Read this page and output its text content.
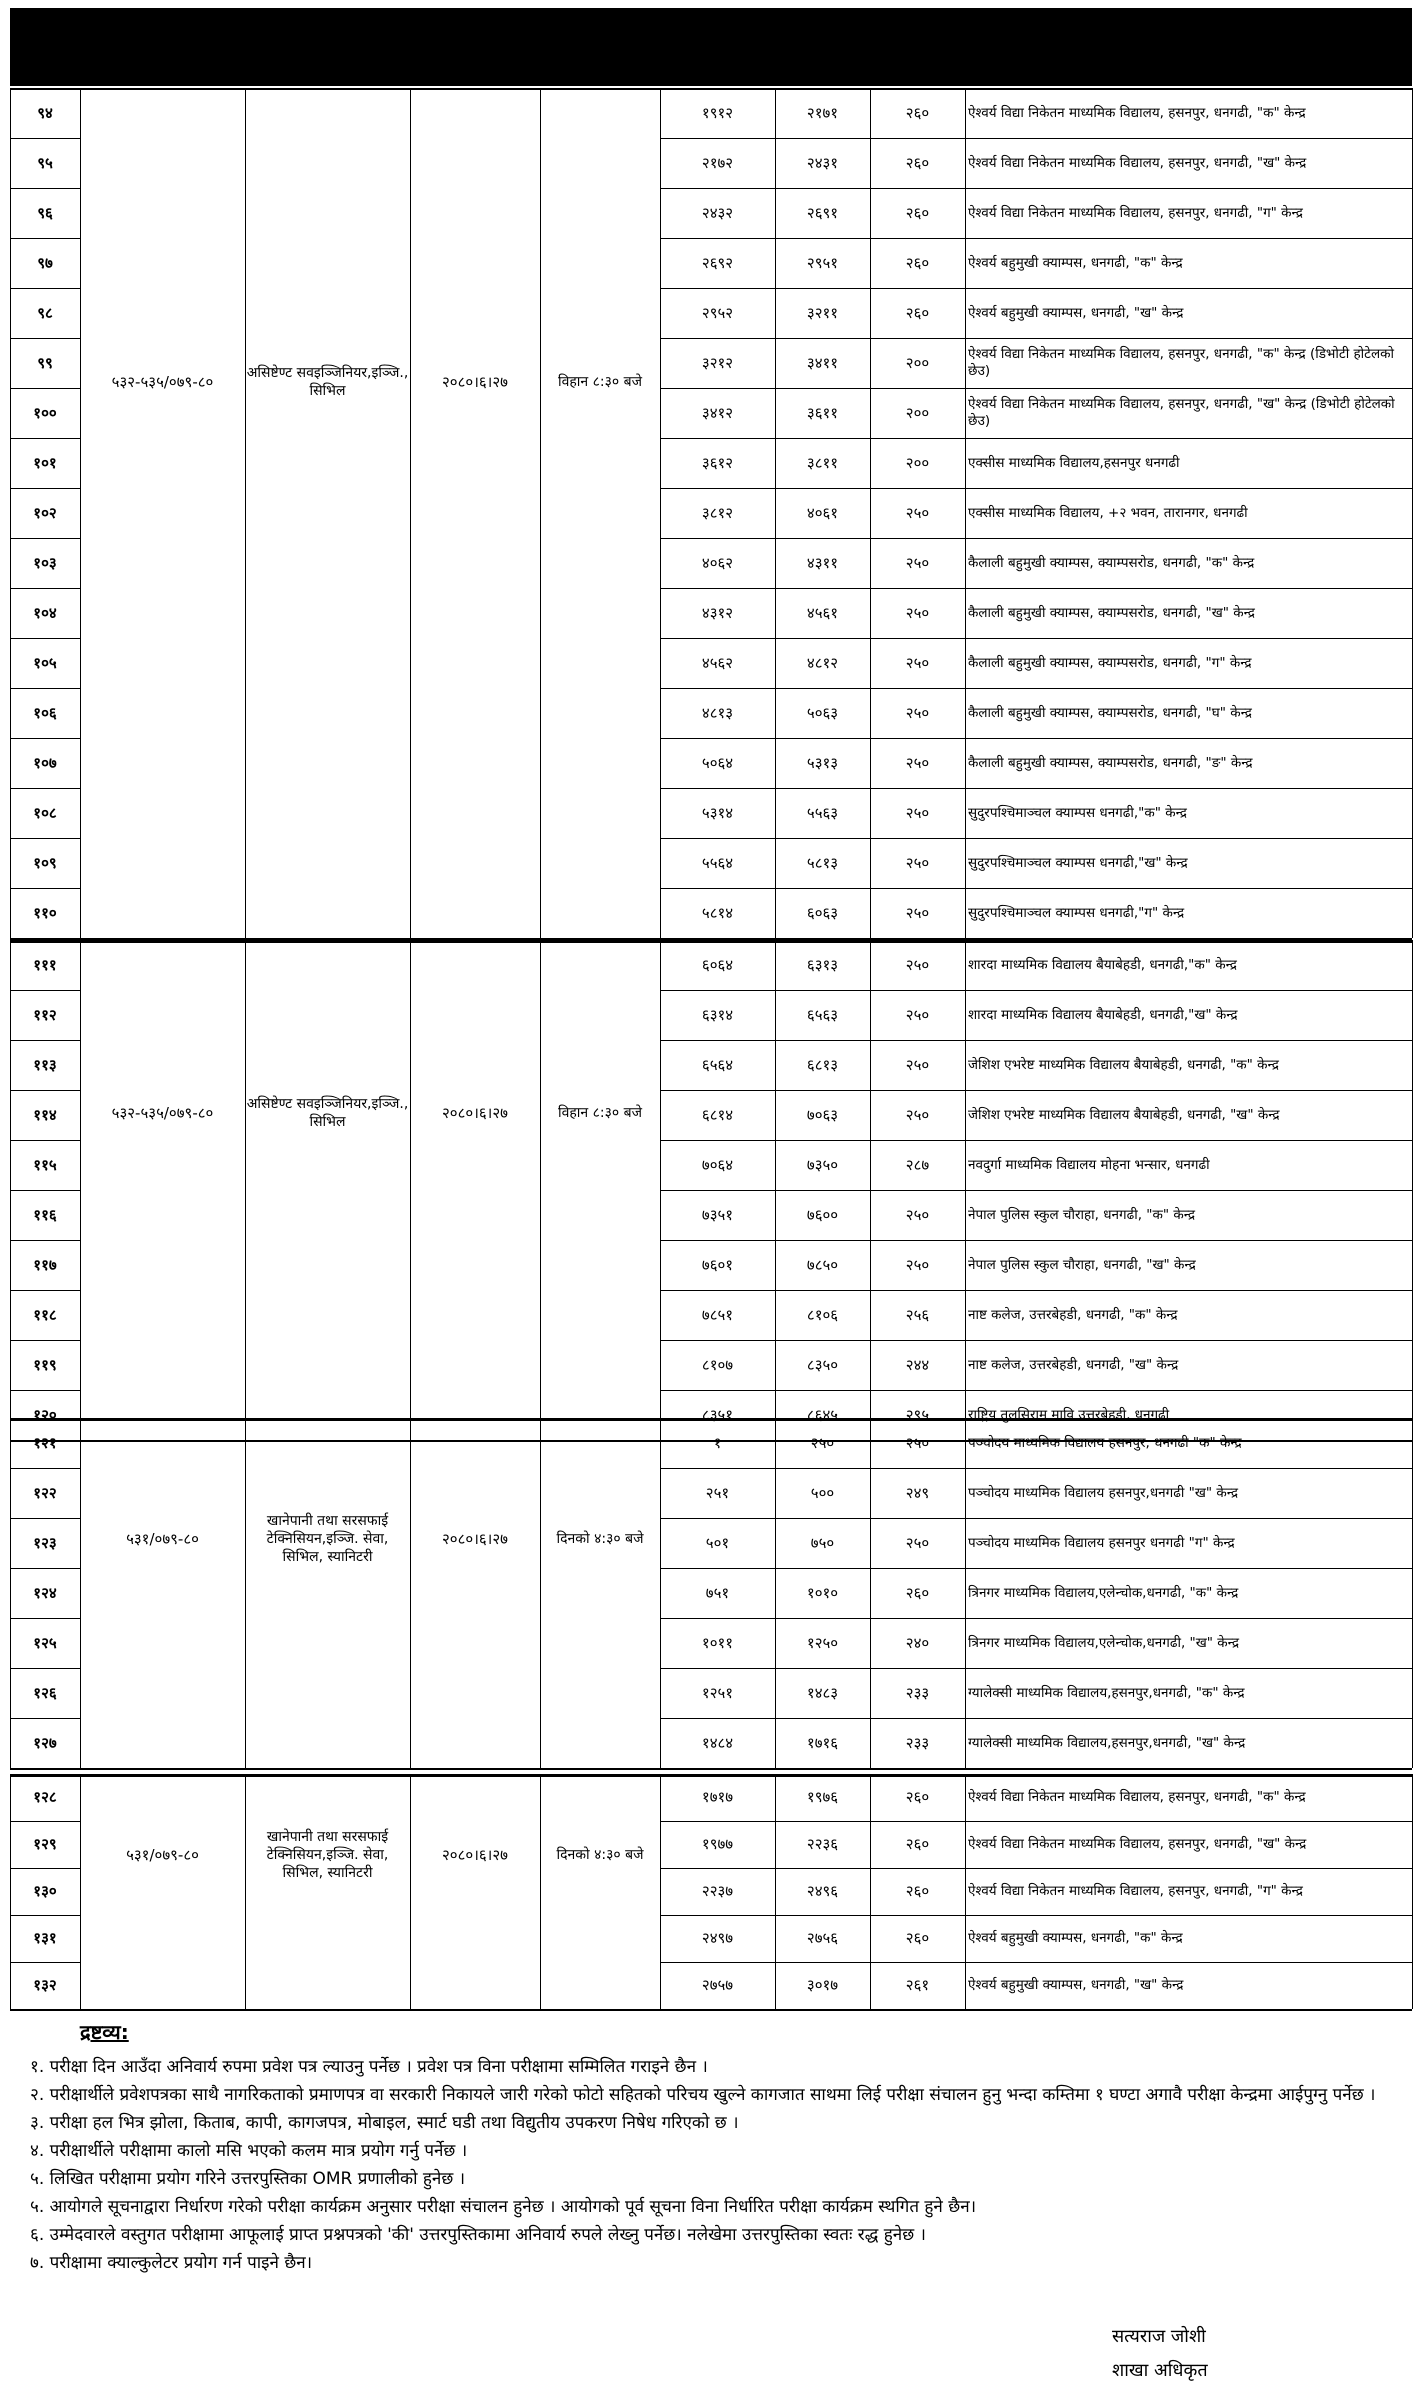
५३२-५३५/०७९-८०	असिष्टेण्ट सवइञ्जिनियर,इञ्जि., सिभिल	२०८०।६।२७	विहान ८:३० बजे
९४	१९१२	२१७१	२६०	ऐश्वर्य विद्या निकेतन माध्यमिक विद्यालय, हसनपुर, धनगढी, "क" केन्द्र
९५	२१७२	२४३१	२६०	ऐश्वर्य विद्या निकेतन माध्यमिक विद्यालय, हसनपुर, धनगढी, "ख" केन्द्र
९६	२४३२	२६९१	२६०	ऐश्वर्य विद्या निकेतन माध्यमिक विद्यालय, हसनपुर, धनगढी, "ग" केन्द्र
९७	२६९२	२९५१	२६०	ऐश्वर्य बहुमुखी क्याम्पस, धनगढी, "क" केन्द्र
९८	२९५२	३२११	२६०	ऐश्वर्य बहुमुखी क्याम्पस, धनगढी, "ख" केन्द्र
९९	३२१२	३४११	२००	ऐश्वर्य विद्या निकेतन माध्यमिक विद्यालय, हसनपुर, धनगढी, "क" केन्द्र (डिभोटी होटेलको छेउ)
१००	३४१२	३६११	२००	ऐश्वर्य विद्या निकेतन माध्यमिक विद्यालय, हसनपुर, धनगढी, "ख" केन्द्र (डिभोटी होटेलको छेउ)
१०१	३६१२	३८११	२००	एक्सीस माध्यमिक विद्यालय,हसनपुर धनगढी
१०२	३८१२	४०६१	२५०	एक्सीस माध्यमिक विद्यालय, +२ भवन, तारानगर, धनगढी
१०३	४०६२	४३११	२५०	कैलाली बहुमुखी क्याम्पस, क्याम्पसरोड, धनगढी, "क" केन्द्र
१०४	४३१२	४५६१	२५०	कैलाली बहुमुखी क्याम्पस, क्याम्पसरोड, धनगढी, "ख" केन्द्र
१०५	४५६२	४८१२	२५०	कैलाली बहुमुखी क्याम्पस, क्याम्पसरोड, धनगढी, "ग" केन्द्र
१०६	४८१३	५०६३	२५०	कैलाली बहुमुखी क्याम्पस, क्याम्पसरोड, धनगढी, "घ" केन्द्र
१०७	५०६४	५३१३	२५०	कैलाली बहुमुखी क्याम्पस, क्याम्पसरोड, धनगढी, "ङ" केन्द्र
१०८	५३१४	५५६३	२५०	सुदुरपश्चिमाञ्चल क्याम्पस धनगढी,"क" केन्द्र
१०९	५५६४	५८१३	२५०	सुदुरपश्चिमाञ्चल क्याम्पस धनगढी,"ख" केन्द्र
११०	५८१४	६०६३	२५०	सुदुरपश्चिमाञ्चल क्याम्पस धनगढी,"ग" केन्द्र
५३२-५३५/०७९-८०	असिष्टेण्ट सवइञ्जिनियर,इञ्जि., सिभिल	२०८०।६।२७	विहान ८:३० बजे
१११	६०६४	६३१३	२५०	शारदा माध्यमिक विद्यालय बैयाबेहडी, धनगढी,"क" केन्द्र
११२	६३१४	६५६३	२५०	शारदा माध्यमिक विद्यालय बैयाबेहडी, धनगढी,"ख" केन्द्र
११३	६५६४	६८१३	२५०	जेशिश एभरेष्ट माध्यमिक विद्यालय बैयाबेहडी, धनगढी, "क" केन्द्र
११४	६८१४	७०६३	२५०	जेशिश एभरेष्ट माध्यमिक विद्यालय बैयाबेहडी, धनगढी, "ख" केन्द्र
११५	७०६४	७३५०	२८७	नवदुर्गा माध्यमिक विद्यालय मोहना भन्सार, धनगढी
११६	७३५१	७६००	२५०	नेपाल पुलिस स्कुल चौराहा, धनगढी, "क" केन्द्र
११७	७६०१	७८५०	२५०	नेपाल पुलिस स्कुल चौराहा, धनगढी, "ख" केन्द्र
११८	७८५१	८१०६	२५६	नाष्ट कलेज, उत्तरबेहडी, धनगढी, "क" केन्द्र
११९	८१०७	८३५०	२४४	नाष्ट कलेज, उत्तरबेहडी, धनगढी, "ख" केन्द्र
१२०	८३५१	८६४५	२९५	राष्ट्रिय तुलसिराम मावि उत्तरबेहडी, धनगढी
५३१/०७९-८०
खानेपानी तथा सरसफाई टेक्निसियन,इञ्जि. सेवा, सिभिल, स्यानिटरी
२०८०।६।२७	दिनको ४:३० बजे
१२१	१	२५०	२५०	पञ्चोदय माध्यमिक विद्यालय हसनपुर, धनगढी "क" केन्द्र
१२२	२५१	५००	२४९	पञ्चोदय माध्यमिक विद्यालय हसनपुर,धनगढी "ख" केन्द्र
१२३	५०१	७५०	२५०	पञ्चोदय माध्यमिक विद्यालय हसनपुर धनगढी "ग" केन्द्र
१२४	७५१	१०१०	२६०	त्रिनगर माध्यमिक विद्यालय,एलेन्चोक,धनगढी, "क" केन्द्र
१२५	१०११	१२५०	२४०	त्रिनगर माध्यमिक विद्यालय,एलेन्चोक,धनगढी, "ख" केन्द्र
१२६	१२५१	१४८३	२३३	ग्यालेक्सी माध्यमिक विद्यालय,हसनपुर,धनगढी, "क" केन्द्र
१२७	१४८४	१७१६	२३३	ग्यालेक्सी माध्यमिक विद्यालय,हसनपुर,धनगढी, "ख" केन्द्र
५३१/०७९-८०
खानेपानी तथा सरसफाई टेक्निसियन,इञ्जि. सेवा, सिभिल, स्यानिटरी
२०८०।६।२७	दिनको ४:३० बजे
१२८	१७१७	१९७६	२६०	ऐश्वर्य विद्या निकेतन माध्यमिक विद्यालय, हसनपुर, धनगढी, "क" केन्द्र
१२९	१९७७	२२३६	२६०	ऐश्वर्य विद्या निकेतन माध्यमिक विद्यालय, हसनपुर, धनगढी, "ख" केन्द्र
१३०	२२३७	२४९६	२६०	ऐश्वर्य विद्या निकेतन माध्यमिक विद्यालय, हसनपुर, धनगढी, "ग" केन्द्र
१३१	२४९७	२७५६	२६०	ऐश्वर्य बहुमुखी क्याम्पस, धनगढी, "क" केन्द्र
१३२	२७५७	३०१७	२६१	ऐश्वर्य बहुमुखी क्याम्पस, धनगढी, "ख" केन्द्र
द्रष्टव्य:
१. परीक्षा दिन आउँदा अनिवार्य रुपमा प्रवेश पत्र ल्याउनु पर्नेछ । प्रवेश पत्र विना परीक्षामा सम्मिलित गराइने छैन ।
२. परीक्षार्थीले प्रवेशपत्रका साथै नागरिकताको प्रमाणपत्र वा सरकारी निकायले जारी गरेको फोटो सहितको परिचय खुल्ने कागजात साथमा लिई परीक्षा संचालन हुनु भन्दा कम्तिमा १ घण्टा अगावै परीक्षा केन्द्रमा आईपुग्नु पर्नेछ ।
३. परीक्षा हल भित्र झोला, किताब, कापी, कागजपत्र, मोबाइल, स्मार्ट घडी तथा विद्युतीय उपकरण निषेध गरिएको छ ।
४. परीक्षार्थीले परीक्षामा कालो मसि भएको कलम मात्र प्रयोग गर्नु पर्नेछ ।
५. लिखित परीक्षामा प्रयोग गरिने उत्तरपुस्तिका OMR प्रणालीको हुनेछ ।
५. आयोगले सूचनाद्वारा निर्धारण गरेको परीक्षा कार्यक्रम अनुसार परीक्षा संचालन हुनेछ । आयोगको पूर्व सूचना विना निर्धारित परीक्षा कार्यक्रम स्थगित हुने छैन।
६. उम्मेदवारले वस्तुगत परीक्षामा आफूलाई प्राप्त प्रश्नपत्रको 'की' उत्तरपुस्तिकामा अनिवार्य रुपले लेख्नु पर्नेछ। नलेखेमा उत्तरपुस्तिका स्वतः रद्ध हुनेछ ।
७. परीक्षामा क्याल्कुलेटर प्रयोग गर्न पाइने छैन।
सत्यराज जोशी
शाखा अधिकृत
